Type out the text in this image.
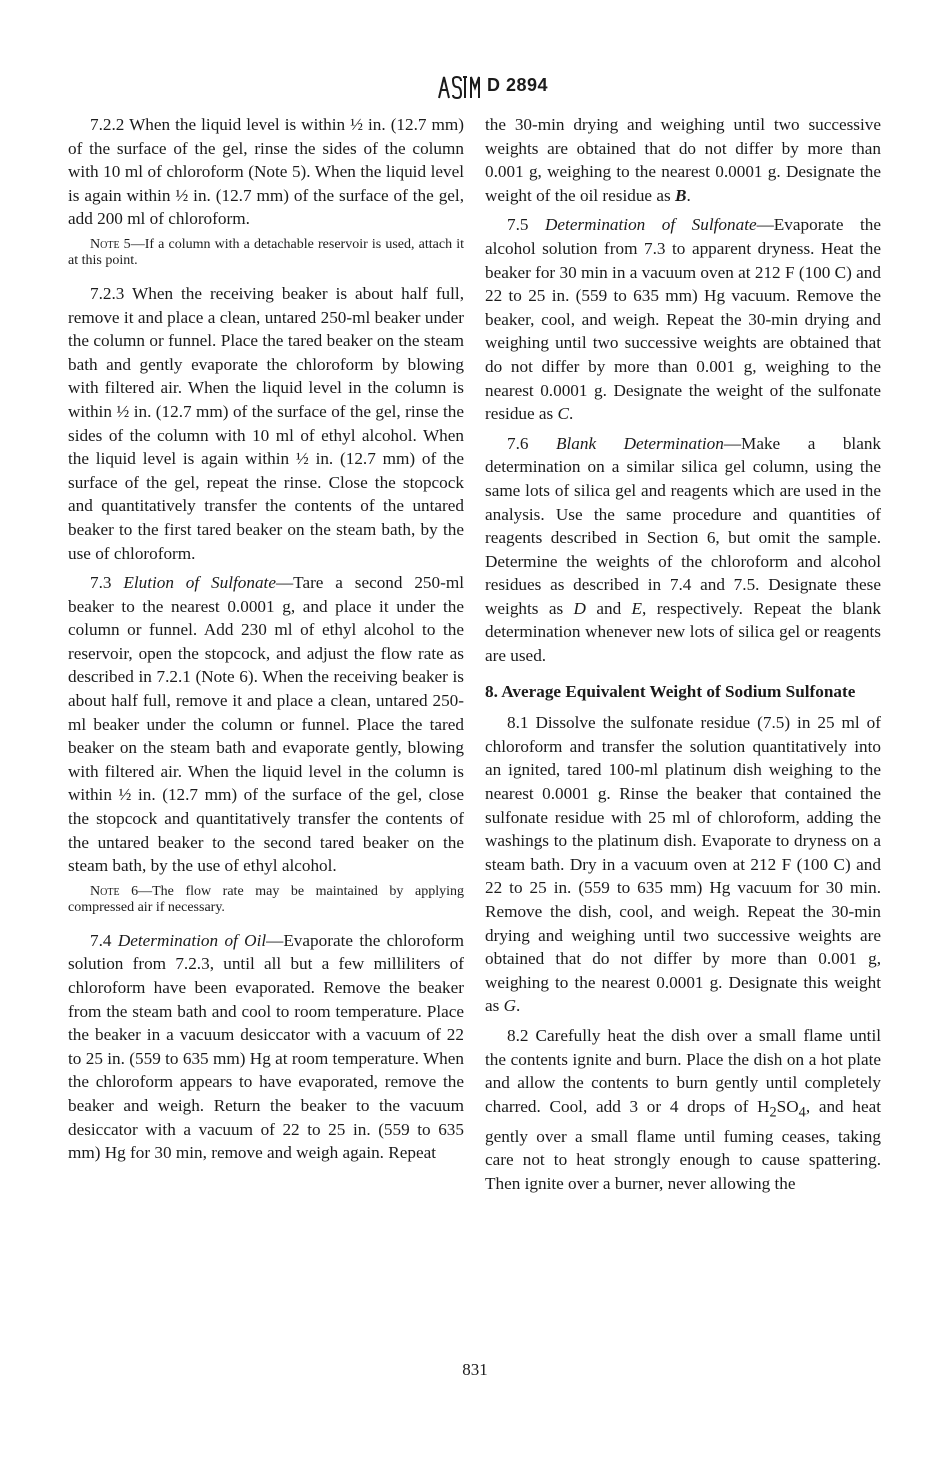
D 2894

7.2.2 When the liquid level is within ½ in. (12.7 mm) of the surface of the gel, rinse the sides of the column with 10 ml of chloroform (Note 5). When the liquid level is again within ½ in. (12.7 mm) of the surface of the gel, add 200 ml of chloroform.

Note 5—If a column with a detachable reservoir is used, attach it at this point.

7.2.3 When the receiving beaker is about half full, remove it and place a clean, untared 250-ml beaker under the column or funnel. Place the tared beaker on the steam bath and gently evaporate the chloroform by blowing with filtered air. When the liquid level in the column is within ½ in. (12.7 mm) of the surface of the gel, rinse the sides of the column with 10 ml of ethyl alcohol. When the liquid level is again within ½ in. (12.7 mm) of the surface of the gel, repeat the rinse. Close the stopcock and quantitatively transfer the contents of the untared beaker to the first tared beaker on the steam bath, by the use of chloroform.

7.3 Elution of Sulfonate—Tare a second 250-ml beaker to the nearest 0.0001 g, and place it under the column or funnel. Add 230 ml of ethyl alcohol to the reservoir, open the stopcock, and adjust the flow rate as described in 7.2.1 (Note 6). When the receiving beaker is about half full, remove it and place a clean, untared 250-ml beaker under the column or funnel. Place the tared beaker on the steam bath and evaporate gently, blowing with filtered air. When the liquid level in the column is within ½ in. (12.7 mm) of the surface of the gel, close the stopcock and quantitatively transfer the contents of the untared beaker to the second tared beaker on the steam bath, by the use of ethyl alcohol.

Note 6—The flow rate may be maintained by applying compressed air if necessary.

7.4 Determination of Oil—Evaporate the chloroform solution from 7.2.3, until all but a few milliliters of chloroform have been evaporated. Remove the beaker from the steam bath and cool to room temperature. Place the beaker in a vacuum desiccator with a vacuum of 22 to 25 in. (559 to 635 mm) Hg at room temperature. When the chloroform appears to have evaporated, remove the beaker and weigh. Return the beaker to the vacuum desiccator with a vacuum of 22 to 25 in. (559 to 635 mm) Hg for 30 min, remove and weigh again. Repeat

the 30-min drying and weighing until two successive weights are obtained that do not differ by more than 0.001 g, weighing to the nearest 0.0001 g. Designate the weight of the oil residue as B.

7.5 Determination of Sulfonate—Evaporate the alcohol solution from 7.3 to apparent dryness. Heat the beaker for 30 min in a vacuum oven at 212 F (100 C) and 22 to 25 in. (559 to 635 mm) Hg vacuum. Remove the beaker, cool, and weigh. Repeat the 30-min drying and weighing until two successive weights are obtained that do not differ by more than 0.001 g, weighing to the nearest 0.0001 g. Designate the weight of the sulfonate residue as C.

7.6 Blank Determination—Make a blank determination on a similar silica gel column, using the same lots of silica gel and reagents which are used in the analysis. Use the same procedure and quantities of reagents described in Section 6, but omit the sample. Determine the weights of the chloroform and alcohol residues as described in 7.4 and 7.5. Designate these weights as D and E, respectively. Repeat the blank determination whenever new lots of silica gel or reagents are used.

8. Average Equivalent Weight of Sodium Sulfonate

8.1 Dissolve the sulfonate residue (7.5) in 25 ml of chloroform and transfer the solution quantitatively into an ignited, tared 100-ml platinum dish weighing to the nearest 0.0001 g. Rinse the beaker that contained the sulfonate residue with 25 ml of chloroform, adding the washings to the platinum dish. Evaporate to dryness on a steam bath. Dry in a vacuum oven at 212 F (100 C) and 22 to 25 in. (559 to 635 mm) Hg vacuum for 30 min. Remove the dish, cool, and weigh. Repeat the 30-min drying and weighing until two successive weights are obtained that do not differ by more than 0.001 g, weighing to the nearest 0.0001 g. Designate this weight as G.

8.2 Carefully heat the dish over a small flame until the contents ignite and burn. Place the dish on a hot plate and allow the contents to burn gently until completely charred. Cool, add 3 or 4 drops of $H_2SO_4$, and heat gently over a small flame until fuming ceases, taking care not to heat strongly enough to cause spattering. Then ignite over a burner, never allowing the

831
